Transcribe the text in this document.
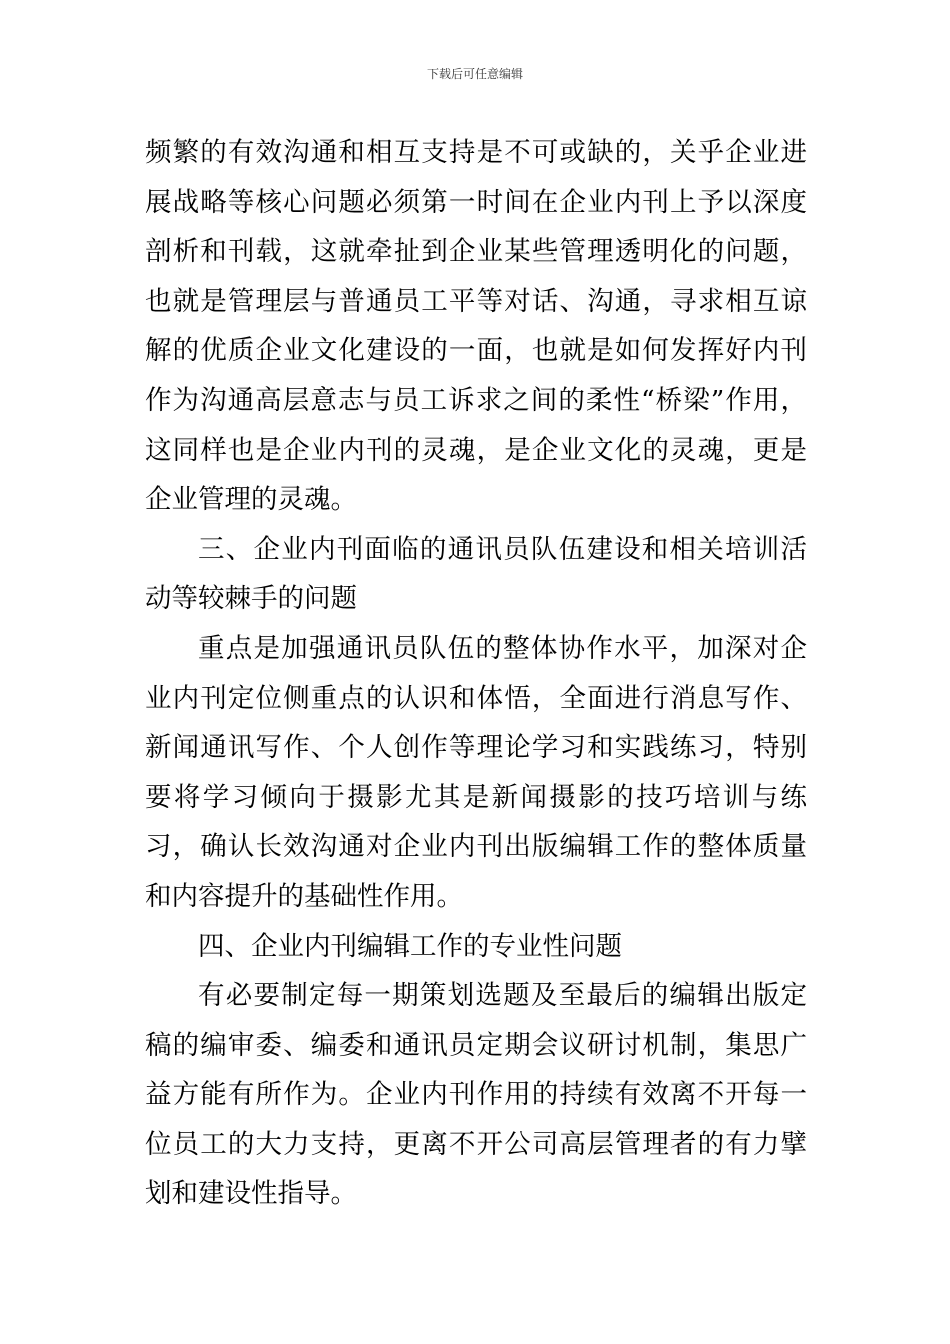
下载后可任意编辑

频繁的有效沟通和相互支持是不可或缺的，关乎企业进展战略等核心问题必须第一时间在企业内刊上予以深度剖析和刊载，这就牵扯到企业某些管理透明化的问题，也就是管理层与普通员工平等对话、沟通，寻求相互谅解的优质企业文化建设的一面，也就是如何发挥好内刊作为沟通高层意志与员工诉求之间的柔性“桥梁”作用，这同样也是企业内刊的灵魂，是企业文化的灵魂，更是企业管理的灵魂。

三、企业内刊面临的通讯员队伍建设和相关培训活动等较棘手的问题

重点是加强通讯员队伍的整体协作水平，加深对企业内刊定位侧重点的认识和体悟，全面进行消息写作、新闻通讯写作、个人创作等理论学习和实践练习，特别要将学习倾向于摄影尤其是新闻摄影的技巧培训与练习，确认长效沟通对企业内刊出版编辑工作的整体质量和内容提升的基础性作用。

四、企业内刊编辑工作的专业性问题

有必要制定每一期策划选题及至最后的编辑出版定稿的编审委、编委和通讯员定期会议研讨机制，集思广益方能有所作为。企业内刊作用的持续有效离不开每一位员工的大力支持，更离不开公司高层管理者的有力擘划和建设性指导。
